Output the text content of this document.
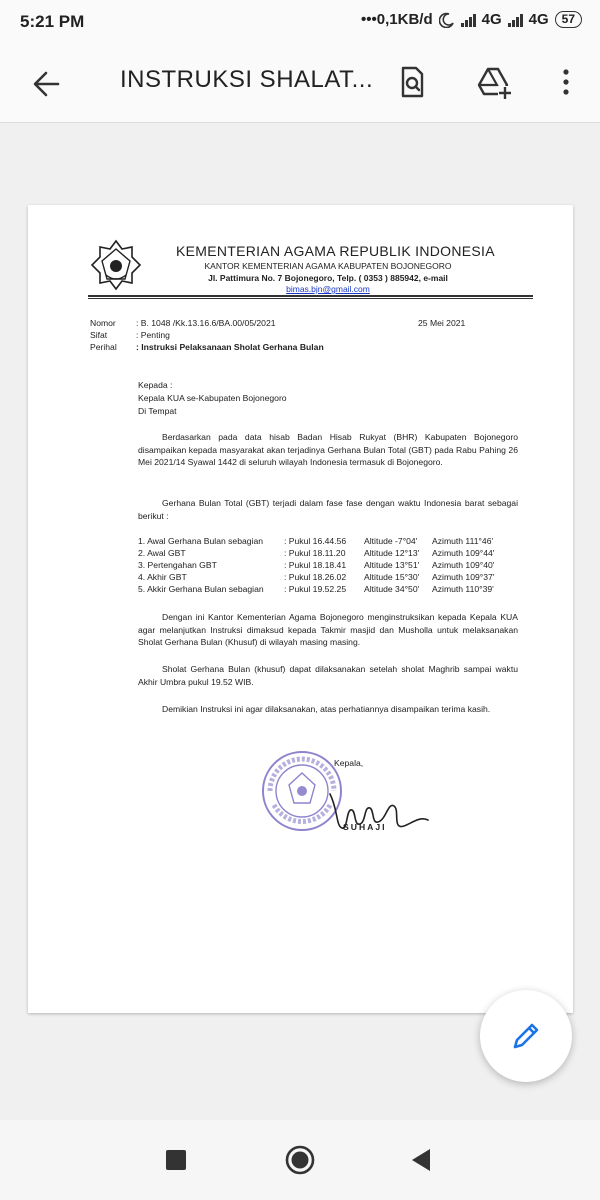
5:21 PM	•••0,1KB/d	4G 4G	57
INSTRUKSI SHALAT...
KEMENTERIAN AGAMA REPUBLIK INDONESIA
KANTOR KEMENTERIAN AGAMA KABUPATEN BOJONEGORO
Jl. Pattimura No. 7 Bojonegoro, Telp. ( 0353 ) 885942, e-mail
bimas.bjn@gmail.com
Nomor : B. 1048 /Kk.13.16.6/BA.00/05/2021	25 Mei 2021
Sifat	: Penting
Perihal : Instruksi Pelaksanaan Sholat Gerhana Bulan
Kepada :
Kepala KUA se-Kabupaten Bojonegoro
Di Tempat
Berdasarkan pada data hisab Badan Hisab Rukyat (BHR) Kabupaten Bojonegoro disampaikan kepada masyarakat akan terjadinya Gerhana Bulan Total (GBT) pada Rabu Pahing 26 Mei 2021/14 Syawal 1442 di seluruh wilayah Indonesia termasuk di Bojonegoro.
Gerhana Bulan Total (GBT) terjadi dalam fase fase dengan waktu Indonesia barat sebagai berikut :
1. Awal Gerhana Bulan sebagian : Pukul 16.44.56 Altitude -7°04' Azimuth 111°46'
2. Awal GBT	: Pukul 18.11.20 Altitude 12°13' Azimuth 109°44'
3. Pertengahan GBT	: Pukul 18.18.41 Altitude 13°51' Azimuth 109°40'
4. Akhir GBT	: Pukul 18.26.02 Altitude 15°30' Azimuth 109°37'
5. Akkir Gerhana Bulan sebagian : Pukul 19.52.25 Altitude 34°50' Azimuth 110°39'
Dengan ini Kantor Kementerian Agama Bojonegoro menginstruksikan kepada Kepala KUA agar melanjutkan Instruksi dimaksud kepada Takmir masjid dan Musholla untuk melaksanakan Sholat Gerhana Bulan (Khusuf) di wilayah masing masing.
Sholat Gerhana Bulan (khusuf) dapat dilaksanakan setelah sholat Maghrib sampai waktu Akhir Umbra pukul 19.52 WIB.
Demikian Instruksi ini agar dilaksanakan, atas perhatiannya disampaikan terima kasih.
Kepala,
SUHAJI
